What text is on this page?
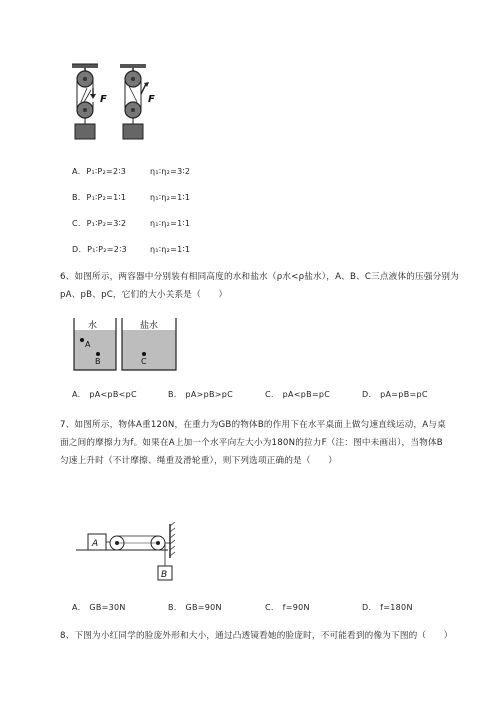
F	F
A. P₁∶P₂=2∶3	η₁∶η₂=3∶2
B. P₁∶P₂=1∶1	η₁∶η₂=1∶1
C. P₁∶P₂=3∶2	η₁∶η₂=1∶1
D. P₁∶P₂=2∶3	η₁∶η₂=1∶1
6、如图所示，两容器中分别装有相同高度的水和盐水（ρ水<ρ盐水），A、B、C三点液体的压强分别为
pA、pB、pC，它们的大小关系是（　　）
水	盐水
A
B	C
A. pA<pB<pC	B. pA>pB>pC	C. pA<pB=pC	D. pA=pB=pC
7、如图所示，物体A重120N，在重力为GB的物体B的作用下在水平桌面上做匀速直线运动，A与桌
面之间的摩擦力为f。如果在A上加一个水平向左大小为180N的拉力F（注：图中未画出），当物体B
匀速上升时（不计摩擦、绳重及滑轮重），则下列选项正确的是（　　）
A
B
A. GB=30N	B. GB=90N	C. f=90N	D. f=180N
8、下图为小红同学的脸庞外形和大小，通过凸透镜看她的脸庞时，不可能看到的像为下图的（　　）
